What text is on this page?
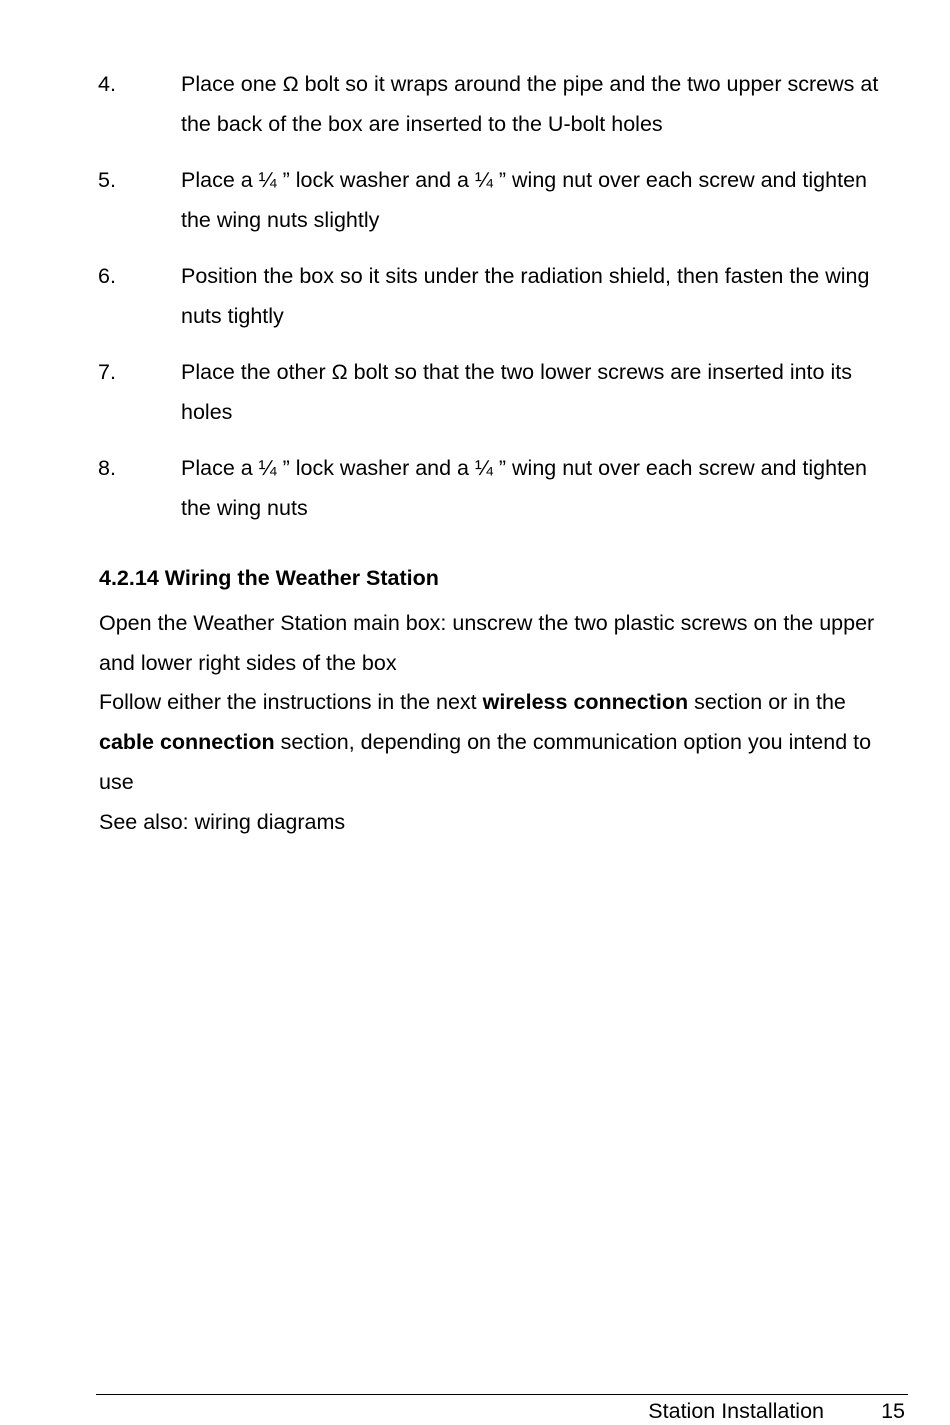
4.	Place one Ω bolt so it wraps around the pipe and the two upper screws at the back of the box are inserted to the U-bolt holes
5.	Place a ¼ ” lock washer and a ¼ ” wing nut over each screw and tighten the wing nuts slightly
6.	Position the box so it sits under the radiation shield, then fasten the wing nuts tightly
7.	Place the other Ω bolt so that the two lower screws are inserted into its holes
8.	Place a ¼ ” lock washer and a ¼ ” wing nut over each screw and tighten the wing nuts
4.2.14 Wiring the Weather Station

Open the Weather Station main box: unscrew the two plastic screws on the upper and lower right sides of the box

Follow either the instructions in the next wireless connection section or in the cable connection section, depending on the communication option you intend to use

See also: wiring diagrams

Station Installation	15
